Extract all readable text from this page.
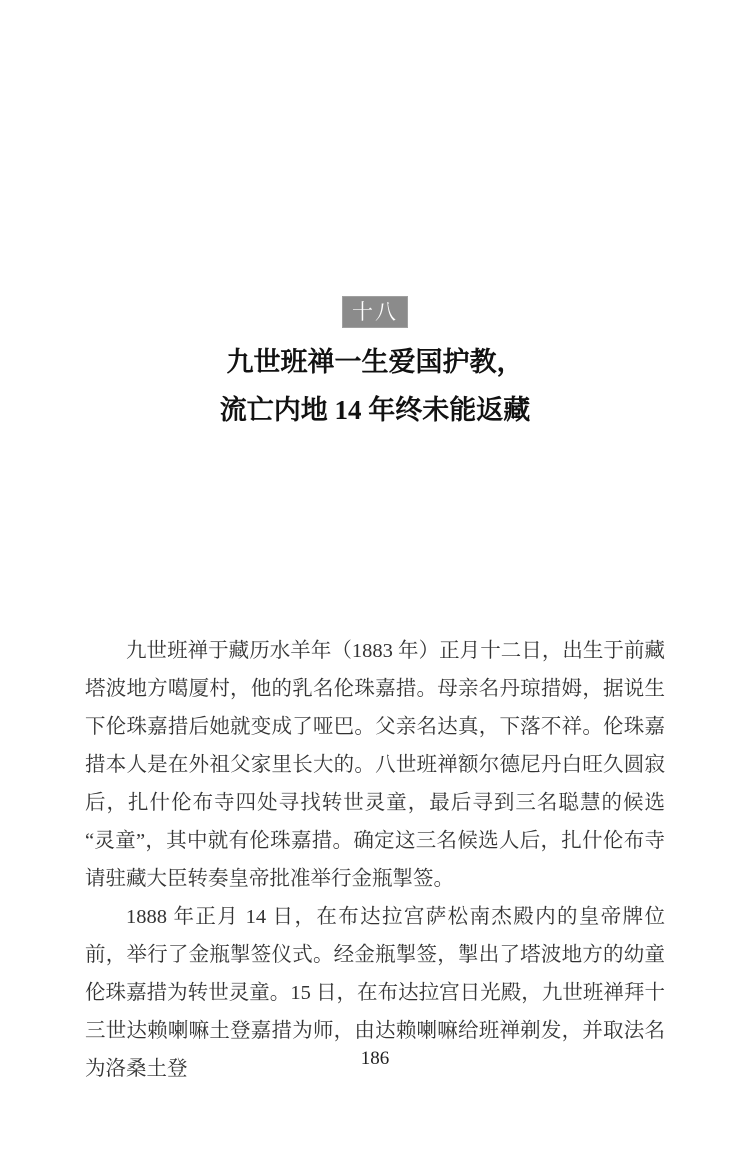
十八
九世班禅一生爱国护教，
流亡内地 14 年终未能返藏

九世班禅于藏历水羊年（1883 年）正月十二日，出生于前藏塔波地方噶厦村，他的乳名伦珠嘉措。母亲名丹琼措姆，据说生下伦珠嘉措后她就变成了哑巴。父亲名达真，下落不祥。伦珠嘉措本人是在外祖父家里长大的。八世班禅额尔德尼丹白旺久圆寂后，扎什伦布寺四处寻找转世灵童，最后寻到三名聪慧的候选“灵童”，其中就有伦珠嘉措。确定这三名候选人后，扎什伦布寺请驻藏大臣转奏皇帝批准举行金瓶掣签。

1888 年正月 14 日，在布达拉宫萨松南杰殿内的皇帝牌位前，举行了金瓶掣签仪式。经金瓶掣签，掣出了塔波地方的幼童伦珠嘉措为转世灵童。15 日，在布达拉宫日光殿，九世班禅拜十三世达赖喇嘛土登嘉措为师，由达赖喇嘛给班禅剃发，并取法名为洛桑土登	186
